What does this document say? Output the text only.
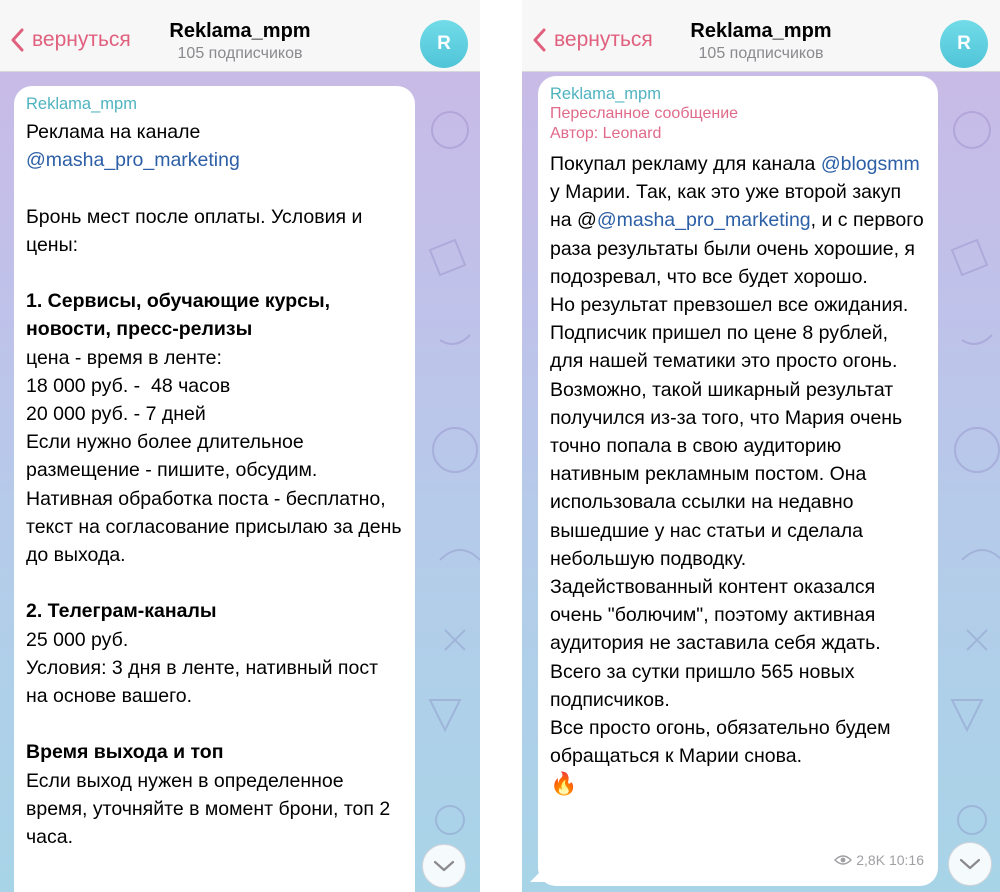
вернуться	Reklama_mpm
105 подписчиков	R
Reklama_mpm
Реклама на канале
@masha_pro_marketing
Бронь мест после оплаты. Условия и цены:
1. Сервисы, обучающие курсы, новости, пресс-релизы
цена - время в ленте:
18 000 руб. -  48 часов
20 000 руб. - 7 дней
Если нужно более длительное размещение - пишите, обсудим.
Нативная обработка поста - бесплатно, текст на согласование присылаю за день до выхода.
2. Телеграм-каналы
25 000 руб.
Условия: 3 дня в ленте, нативный пост на основе вашего.
Время выхода и топ
Если выход нужен в определенное время, уточняйте в момент брони, топ 2 часа.
вернуться	Reklama_mpm
105 подписчиков	R
Reklama_mpm
Пересланное сообщение
Автор: Leonard
Покупал рекламу для канала @blogsmm у Марии. Так, как это уже второй закуп на @@masha_pro_marketing, и с первого раза результаты были очень хорошие, я подозревал, что все будет хорошо.
Но результат превзошел все ожидания. Подписчик пришел по цене 8 рублей, для нашей тематики это просто огонь.
Возможно, такой шикарный результат получился из-за того, что Мария очень точно попала в свою аудиторию нативным рекламным постом. Она использовала ссылки на недавно вышедшие у нас статьи и сделала небольшую подводку.
Задействованный контент оказался очень "болючим", поэтому активная аудитория не заставила себя ждать.
Всего за сутки пришло 565 новых подписчиков.
Все просто огонь, обязательно будем обращаться к Марии снова.
🔥
2,8K
10:16
